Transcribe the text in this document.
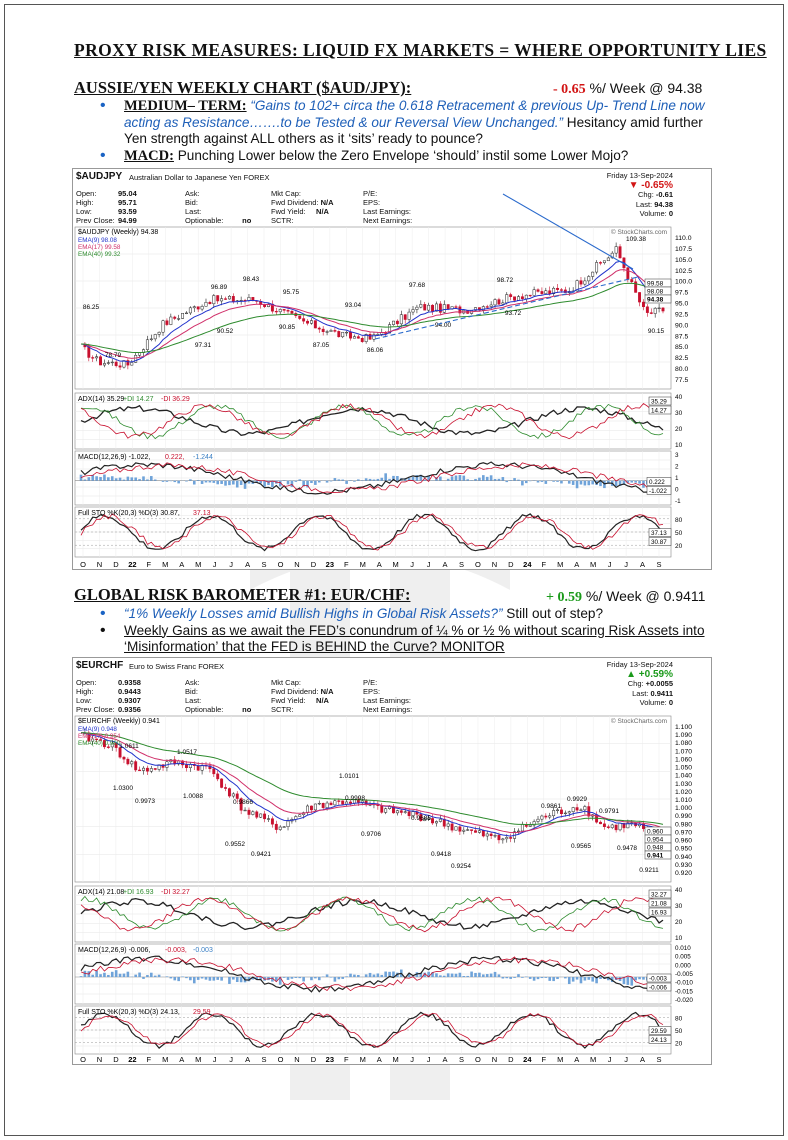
PROXY RISK MEASURES: LIQUID FX MARKETS = WHERE OPPORTUNITY LIES
AUSSIE/YEN WEEKLY CHART ($AUD/JPY):	- 0.65 %/ Week @ 94.38
• MEDIUM– TERM: “Gains to 102+ circa the 0.618 Retracement & previous Up- Trend Line now acting as Resistance…….to be Tested & our Reversal View Unchanged.” Hesitancy amid further Yen strength against ALL others as it ‘sits’ ready to pounce?
• MACD: Punching Lower below the Zero Envelope ‘should’ instil some Lower Mojo?
$AUDJPY Australian Dollar to Japanese Yen FOREX
Open:	95.04
High:	95.71
Low:	93.59
Prev Close: 94.99
Ask:
Bid:
Last:
Optionable:	no
Mkt Cap:
Fwd Dividend: N/A
Fwd Yield: N/A
SCTR:
P/E:
EPS:
Last Earnings:
Next Earnings:
Friday 13-Sep-2024
▼ -0.65%
Chg: -0.61
Last: 94.38
Volume: 0
O N D 22 F M A M J J A S O N D 23 F M A M J J A S O N D 24 F M A M J J A S
110.0
107.5
105.0
102.5
100.0
97.5
95.0
92.5
90.0
87.5
85.0
82.5
80.0
77.5
99.58
98.08
94.38
86.25
78.79
97.31
96.89
90.52
98.43
95.75
90.85
87.05
93.04
86.06
97.68
94.00
98.72
93.72
109.38
90.15
$AUDJPY (Weekly) 94.38
EMA(9) 98.08
EMA(17) 99.58
EMA(40) 99.32
ADX(14) 35.29
+DI 14.27 -DI 36.29	40
30
20
10
35.29
14.27
MACD(12,26,9) -1.022, 0.222, -1.244	3
2
1
0
-1
0.222
-1.022
Full STO %K(20,3) %D(3) 30.87, 37.13
80
50
20
37.13
30.87
© StockCharts.com
GLOBAL RISK BAROMETER #1: EUR/CHF:	+ 0.59 %/ Week @ 0.9411
• “1% Weekly Losses amid Bullish Highs in Global Risk Assets?” Still out of step?
• Weekly Gains as we await the FED’s conundrum of ¼ % or ½ % without scaring Risk Assets into ‘Misinformation’ that the FED is BEHIND the Curve? MONITOR
$EURCHF Euro to Swiss Franc FOREX
Open:	0.9358
High:	0.9443
Low:	0.9307
Prev Close: 0.9356
Ask:
Bid:
Last:
Optionable:	no
Mkt Cap:
Fwd Dividend: N/A
Fwd Yield: N/A
SCTR:
P/E:
EPS:
Last Earnings:
Next Earnings:
Friday 13-Sep-2024
▲ +0.59%
Chg: +0.0055
Last: 0.9411
Volume: 0
O N D 22 F M A M J J A S O N D 23 F M A M J J A S O N D 24 F M A M J J A S
1.100
1.090
1.080
1.070
1.060
1.050
1.040
1.030
1.020
1.010
1.000
0.990
0.980
0.970
0.960
0.950
0.940
0.930
0.920
0.960
0.954
0.948
0.941
1.0611
1.0300
0.9973
1.0517
1.0088
0.9866
0.9552
0.9421
1.0101
0.9998
0.9706
0.9685
0.9418
0.9254
0.9861
0.9929
0.9565
0.9791
0.9478
0.9211
$EURCHF (Weekly) 0.941
EMA(9) 0.948
EMA(17) 0.954
EMA(40) 0.960
ADX(14) 21.08
+DI 16.93 -DI 32.27	40
30
20
10
32.27
21.08
16.93
MACD(12,26,9) -0.006, -0.003, -0.003	0.010
0.005
0.000
-0.005
-0.010
-0.015
-0.020
-0.003
-0.006
Full STO %K(20,3) %D(3) 24.13, 29.59
80
50
20
29.59
24.13
© StockCharts.com
